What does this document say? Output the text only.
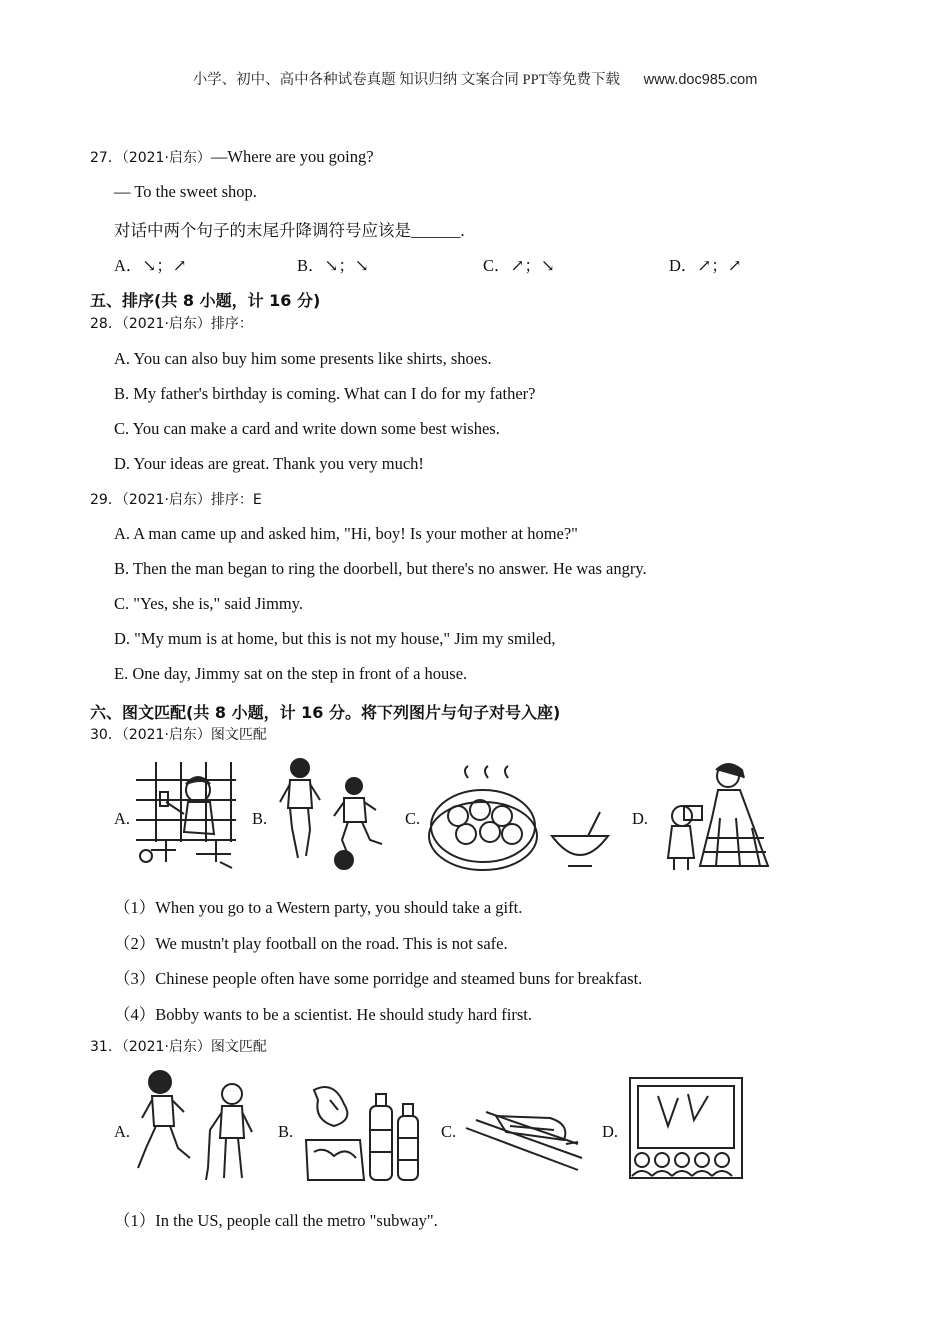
小学、初中、高中各种试卷真题 知识归纳 文案合同 PPT等免费下载 www.doc985.com
27．（2021·启东）—Where are you going?
— To the sweet shop.
对话中两个句子的末尾升降调符号应该是______.
A．↘；↗	B．↘；↘	C．↗；↘	D．↗；↗
五、排序(共 8 小题，计 16 分)
28．（2021·启东）排序：
A. You can also buy him some presents like shirts, shoes.
B. My father's birthday is coming. What can I do for my father?
C. You can make a card and write down some best wishes.
D. Your ideas are great. Thank you very much!
29．（2021·启东）排序：E
A. A man came up and asked him, "Hi, boy! Is your mother at home?"
B. Then the man began to ring the doorbell, but there's no answer. He was angry.
C. "Yes, she is," said Jimmy.
D. "My mum is at home, but this is not my house," Jim my smiled,
E. One day, Jimmy sat on the step in front of a house.
六、图文匹配(共 8 小题，计 16 分。将下列图片与句子对号入座)
30．（2021·启东）图文匹配
A.	B.	C.	D.
（1）When you go to a Western party, you should take a gift.
（2）We mustn't play football on the road. This is not safe.
（3）Chinese people often have some porridge and steamed buns for breakfast.
（4）Bobby wants to be a scientist. He should study hard first.
31．（2021·启东）图文匹配
A.	B.	C.	D.
（1）In the US, people call the metro "subway".
